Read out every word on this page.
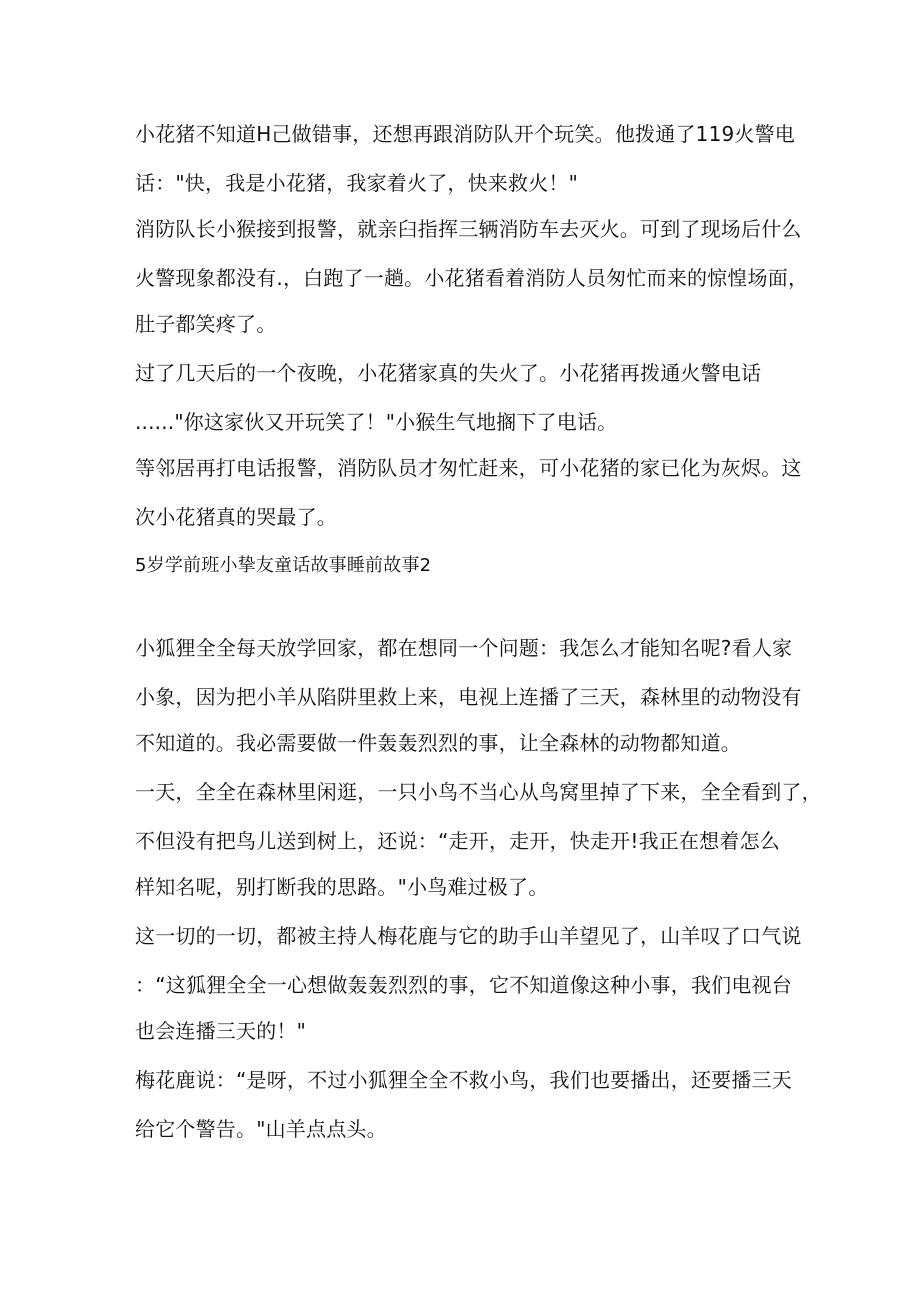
小花猪不知道H己做错事，还想再跟消防队开个玩笑。他拨通了119火警电
话："快，我是小花猪，我家着火了，快来救火！"
消防队长小猴接到报警，就亲臼指挥三辆消防车去灭火。可到了现场后什么
火警现象都没有.，白跑了一趟。小花猪看着消防人员匆忙而来的惊惶场面，
肚子都笑疼了。
过了几天后的一个夜晚，小花猪家真的失火了。小花猪再拨通火警电话
......"你这家伙又开玩笑了！"小猴生气地搁下了电话。
等邻居再打电话报警，消防队员才匆忙赶来，可小花猪的家已化为灰烬。这
次小花猪真的哭最了。
5岁学前班小挚友童话故事睡前故事2
小狐狸全全每天放学回家，都在想同一个问题：我怎么才能知名呢?看人家
小象，因为把小羊从陷阱里救上来，电视上连播了三天，森林里的动物没有
不知道的。我必需要做一件轰轰烈烈的事，让全森林的动物都知道。
一天，全全在森林里闲逛，一只小鸟不当心从鸟窝里掉了下来，全全看到了，
不但没有把鸟儿送到树上，还说：“走开，走开，快走开!我正在想着怎么
样知名呢，别打断我的思路。"小鸟难过极了。
这一切的一切，都被主持人梅花鹿与它的助手山羊望见了，山羊叹了口气说
：“这狐狸全全一心想做轰轰烈烈的事，它不知道像这种小事，我们电视台
也会连播三天的！"
梅花鹿说：“是呀，不过小狐狸全全不救小鸟，我们也要播出，还要播三天
给它个警告。"山羊点点头。
